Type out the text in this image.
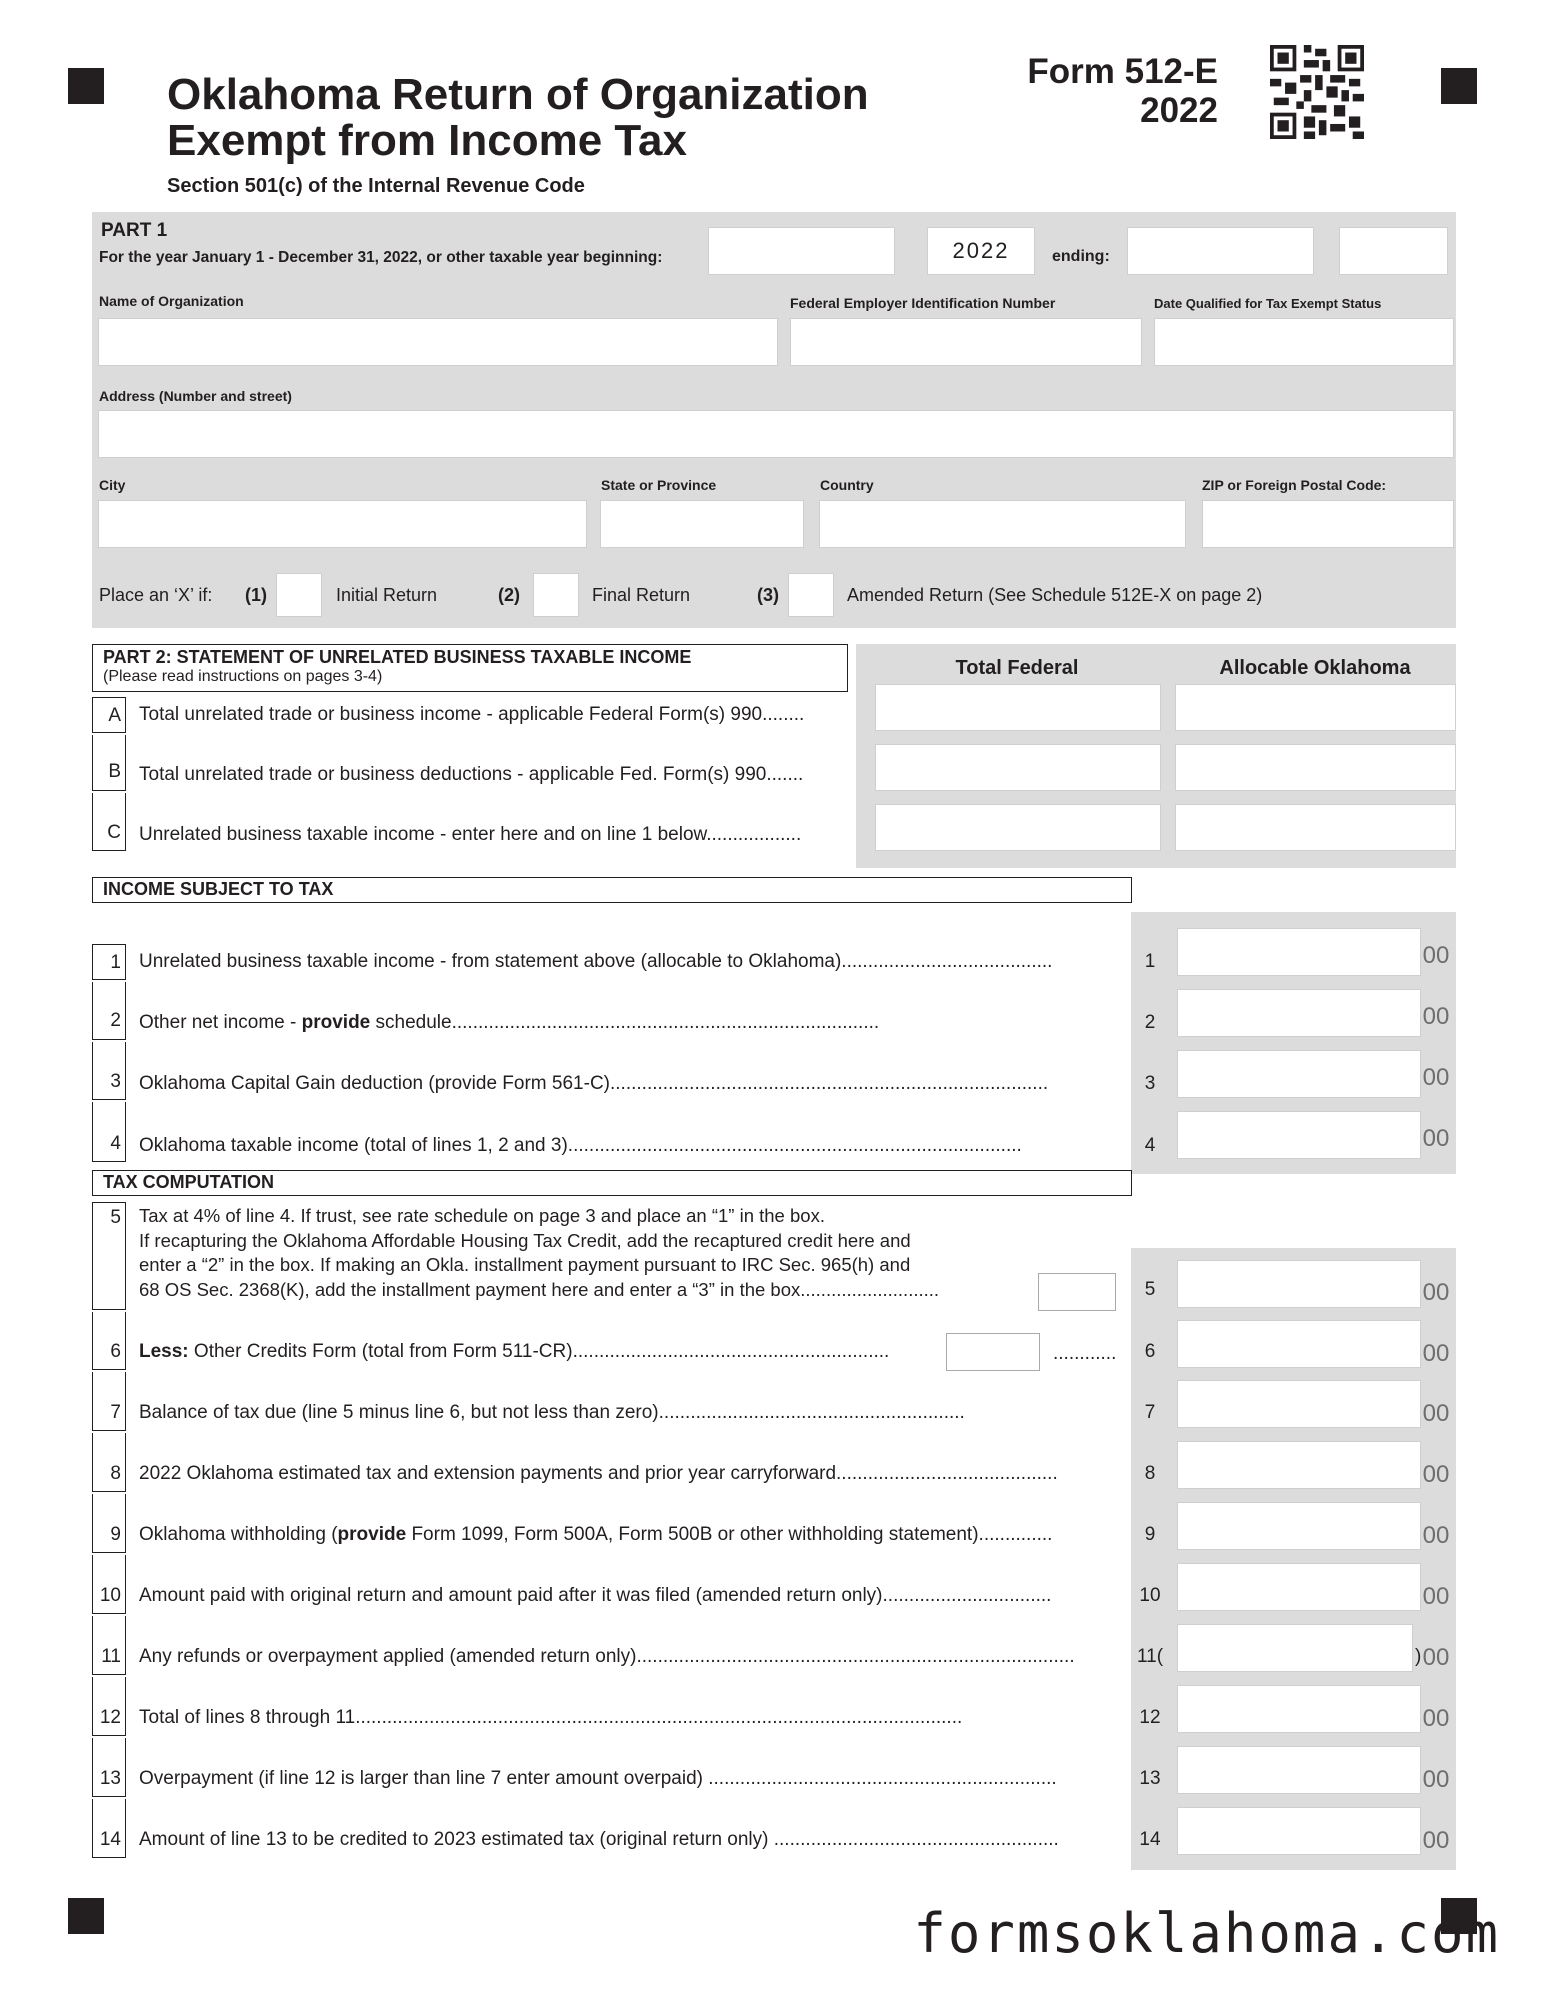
Oklahoma Return of Organization
Exempt from Income Tax
Section 501(c) of the Internal Revenue Code
Form 512-E
2022
PART 1
For the year January 1 - December 31, 2022, or other taxable year beginning:	2022	ending:
Name of Organization	Federal Employer Identification Number	Date Qualified for Tax Exempt Status
Address (Number and street)
City	State or Province	Country	ZIP or Foreign Postal Code:
Place an ‘X’ if: (1)	Initial Return	(2)	Final Return	(3)	Amended Return (See Schedule 512E-X on page 2)
PART 2: STATEMENT OF UNRELATED BUSINESS TAXABLE INCOME
(Please read instructions on pages 3-4)	Total Federal	Allocable Oklahoma
A Total unrelated trade or business income - applicable Federal Form(s) 990........
B Total unrelated trade or business deductions - applicable Fed. Form(s) 990.......
C Unrelated business taxable income - enter here and on line 1 below..................
INCOME SUBJECT TO TAX
1 Unrelated business taxable income - from statement above (allocable to Oklahoma)........................................	1	00
2 Other net income - provide schedule.................................................................................	2	00
3 Oklahoma Capital Gain deduction (provide Form 561-C)...................................................................................	3	00
4 Oklahoma taxable income (total of lines 1, 2 and 3)......................................................................................	4	00
TAX COMPUTATION
5 Tax at 4% of line 4. If trust, see rate schedule on page 3 and place an “1” in the box.
If recapturing the Oklahoma Affordable Housing Tax Credit, add the recaptured credit here and
enter a “2” in the box. If making an Okla. installment payment pursuant to IRC Sec. 965(h) and
68 OS Sec. 2368(K), add the installment payment here and enter a “3” in the box...........................	5	00
6 Less: Other Credits Form (total from Form 511-CR)............................................................	............	6	00
7 Balance of tax due (line 5 minus line 6, but not less than zero)..........................................................	7	00
8 2022 Oklahoma estimated tax and extension payments and prior year carryforward..........................................	8	00
9 Oklahoma withholding (provide Form 1099, Form 500A, Form 500B or other withholding statement)..............	9	00
10 Amount paid with original return and amount paid after it was filed (amended return only)................................	10	00
11 Any refunds or overpayment applied (amended return only)...................................................................................	11(	) 00
12 Total of lines 8 through 11...................................................................................................................	12	00
13 Overpayment (if line 12 is larger than line 7 enter amount overpaid) ..................................................................	13	00
14 Amount of line 13 to be credited to 2023 estimated tax (original return only) ......................................................	14	00
formsoklahoma.com
